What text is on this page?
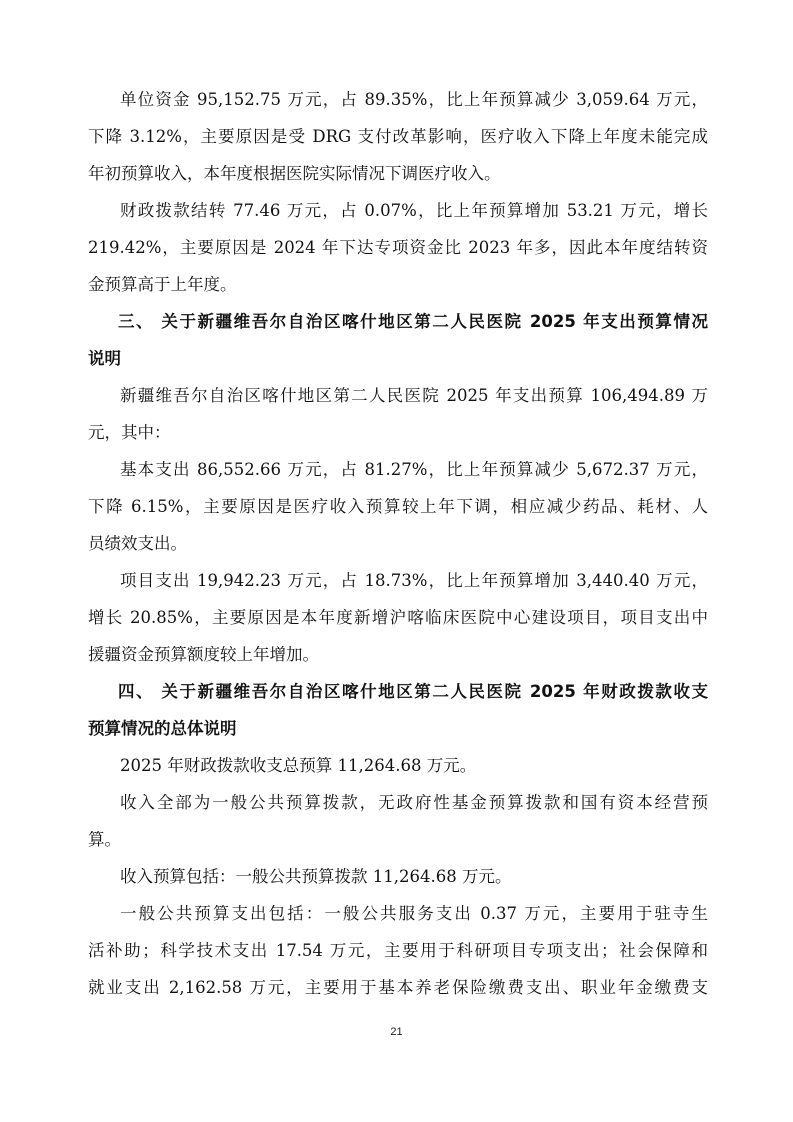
单位资金 95,152.75 万元，占 89.35%，比上年预算减少 3,059.64 万元，
下降 3.12%，主要原因是受 DRG 支付改革影响，医疗收入下降上年度未能完成
年初预算收入，本年度根据医院实际情况下调医疗收入。
财政拨款结转 77.46 万元，占 0.07%，比上年预算增加 53.21 万元，增长
219.42%，主要原因是 2024 年下达专项资金比 2023 年多，因此本年度结转资
金预算高于上年度。
三、 关于新疆维吾尔自治区喀什地区第二人民医院 2025 年支出预算情况
说明
新疆维吾尔自治区喀什地区第二人民医院 2025 年支出预算 106,494.89 万
元，其中：
基本支出 86,552.66 万元，占 81.27%，比上年预算减少 5,672.37 万元，
下降 6.15%，主要原因是医疗收入预算较上年下调，相应减少药品、耗材、人
员绩效支出。
项目支出 19,942.23 万元，占 18.73%，比上年预算增加 3,440.40 万元，
增长 20.85%，主要原因是本年度新增沪喀临床医院中心建设项目，项目支出中
援疆资金预算额度较上年增加。
四、 关于新疆维吾尔自治区喀什地区第二人民医院 2025 年财政拨款收支
预算情况的总体说明
2025 年财政拨款收支总预算 11,264.68 万元。
收入全部为一般公共预算拨款，无政府性基金预算拨款和国有资本经营预
算。
收入预算包括：一般公共预算拨款 11,264.68 万元。
一般公共预算支出包括：一般公共服务支出 0.37 万元，主要用于驻寺生
活补助；科学技术支出 17.54 万元，主要用于科研项目专项支出；社会保障和
就业支出 2,162.58 万元，主要用于基本养老保险缴费支出、职业年金缴费支
21
